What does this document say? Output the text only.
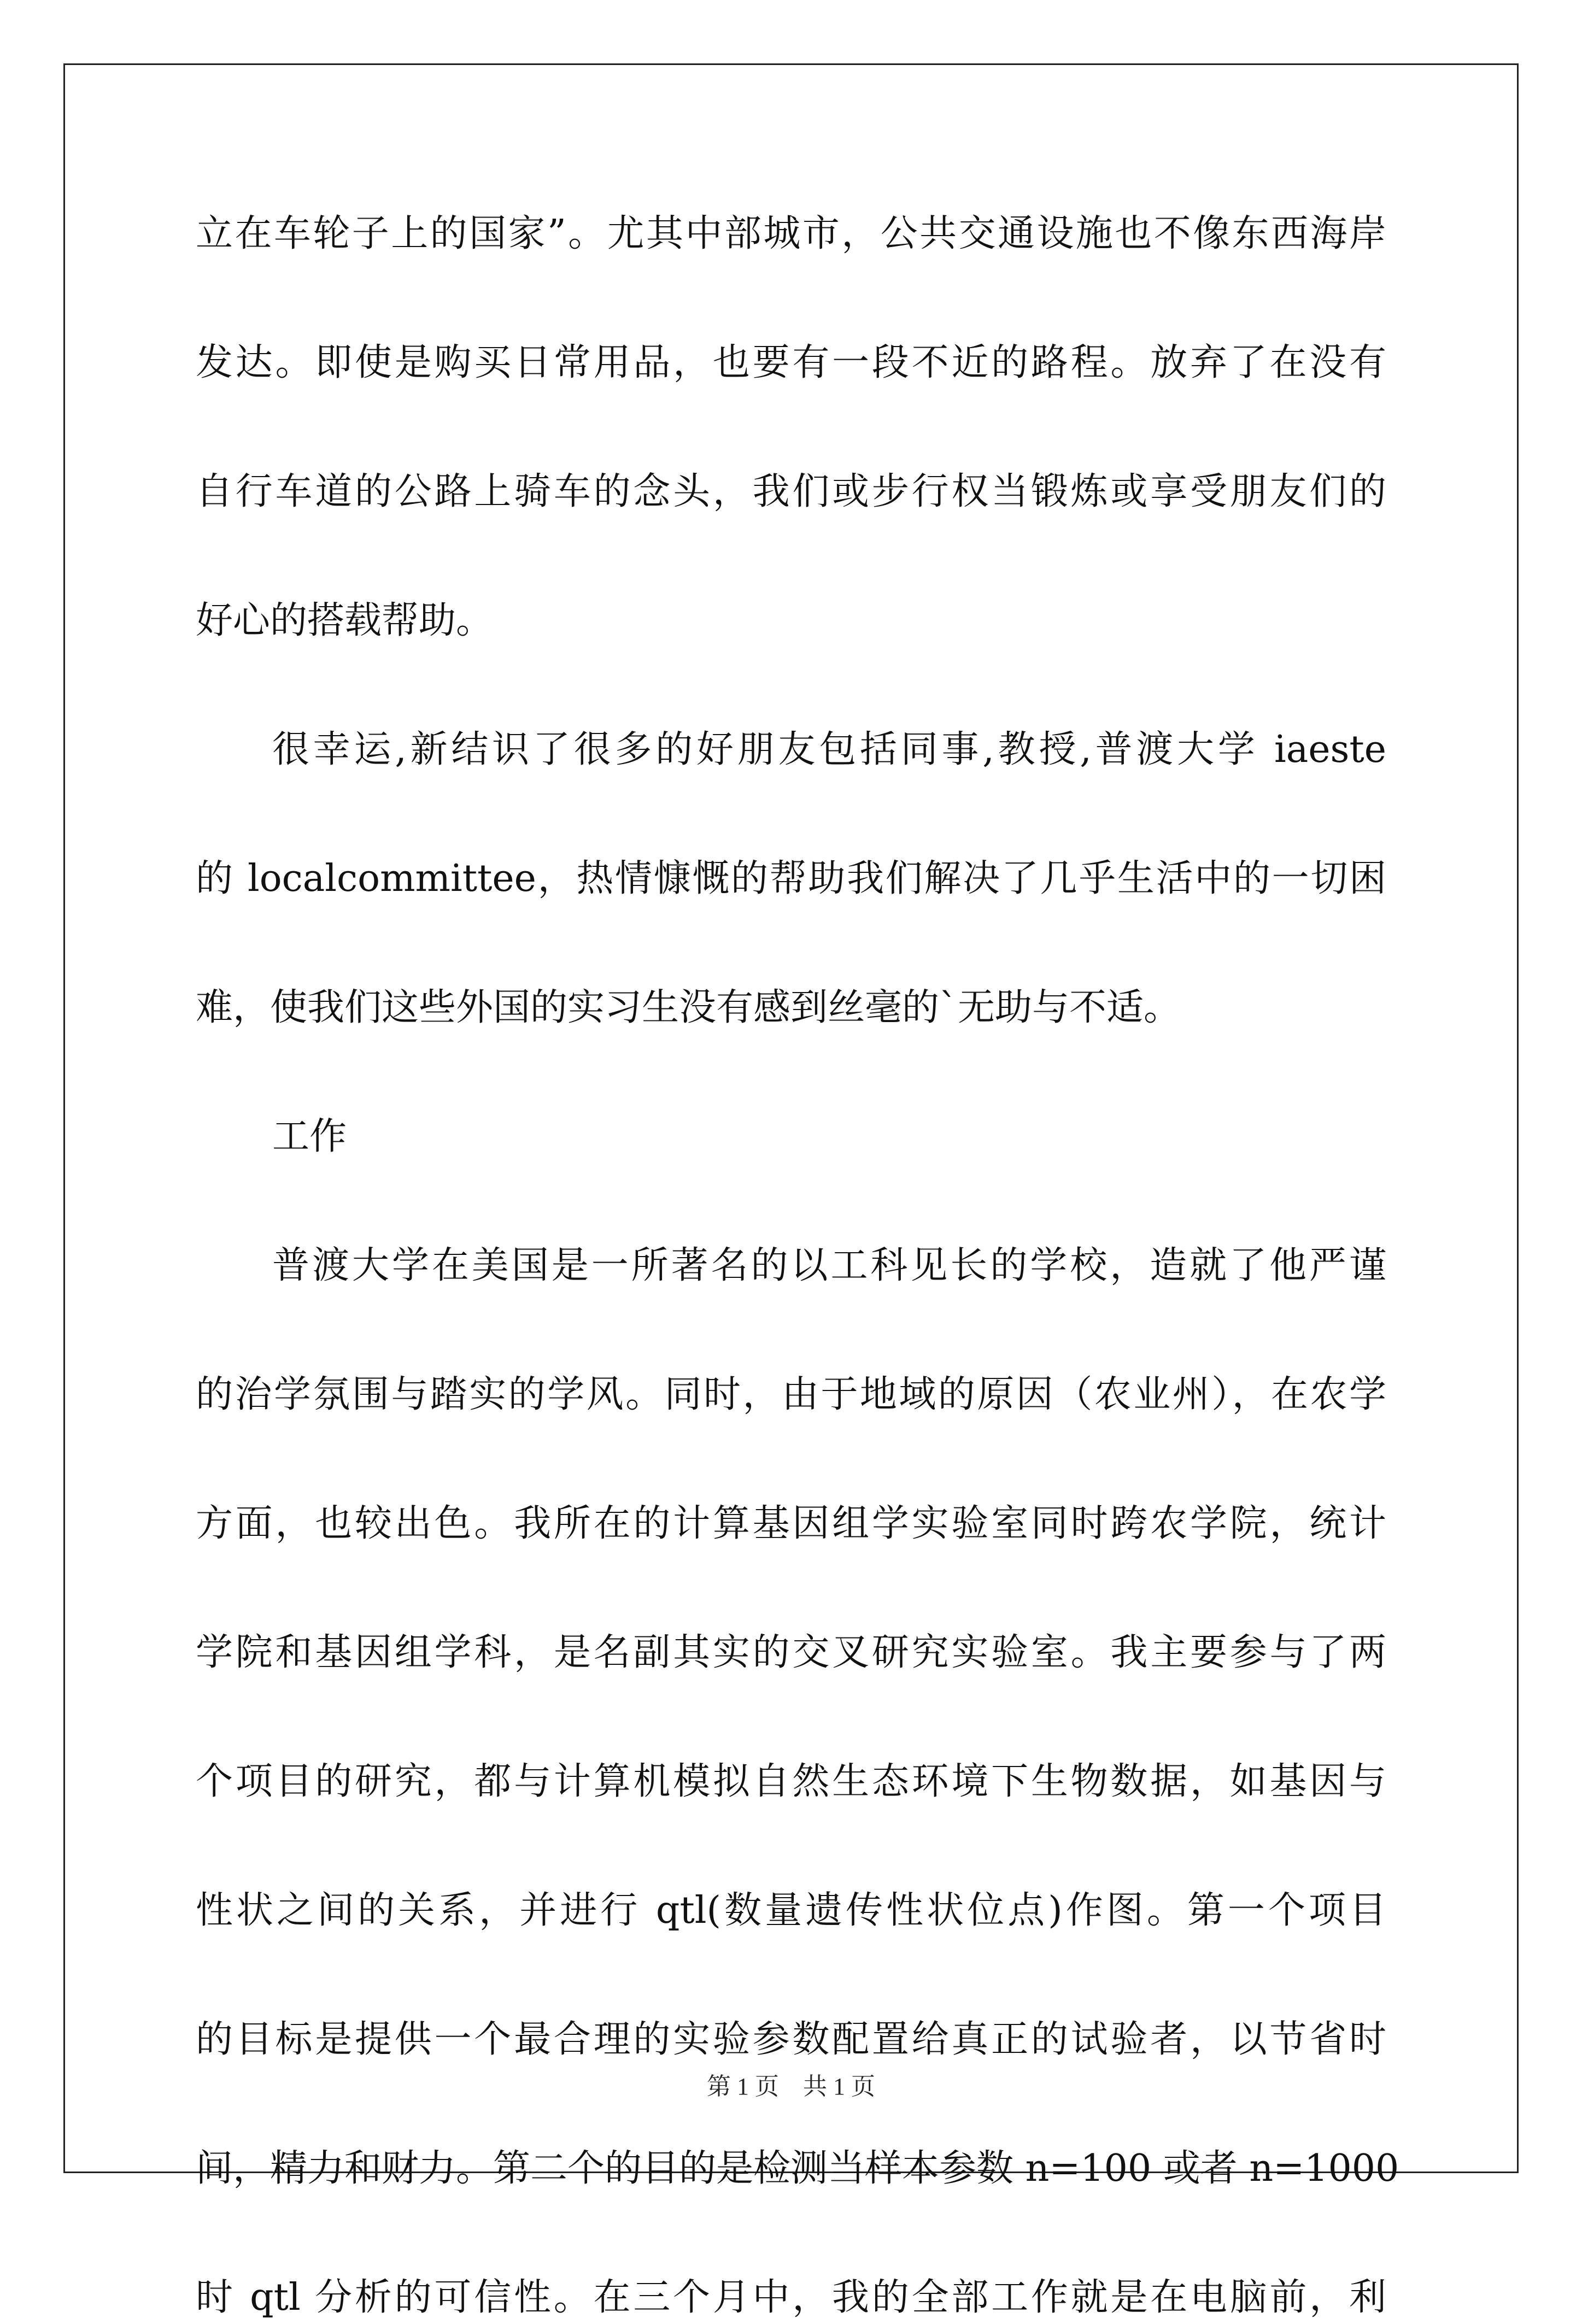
立在车轮子上的国家”。尤其中部城市，公共交通设施也不像东西海岸
发达。即使是购买日常用品，也要有一段不近的路程。放弃了在没有
自行车道的公路上骑车的念头，我们或步行权当锻炼或享受朋友们的
好心的搭载帮助。
很幸运,新结识了很多的好朋友包括同事,教授,普渡大学 iaeste
的 localcommittee，热情慷慨的帮助我们解决了几乎生活中的一切困
难，使我们这些外国的实习生没有感到丝毫的`无助与不适。
工作
普渡大学在美国是一所著名的以工科见长的学校，造就了他严谨
的治学氛围与踏实的学风。同时，由于地域的原因（农业州），在农学
方面，也较出色。我所在的计算基因组学实验室同时跨农学院，统计
学院和基因组学科，是名副其实的交叉研究实验室。我主要参与了两
个项目的研究，都与计算机模拟自然生态环境下生物数据，如基因与
性状之间的关系，并进行 qtl(数量遗传性状位点)作图。第一个项目
的目标是提供一个最合理的实验参数配置给真正的试验者，以节省时
间，精力和财力。第二个的目的是检测当样本参数 n=100 或者 n=1000
时 qtl 分析的可信性。在三个月中，我的全部工作就是在电脑前，利
第 1 页　共 1 页
